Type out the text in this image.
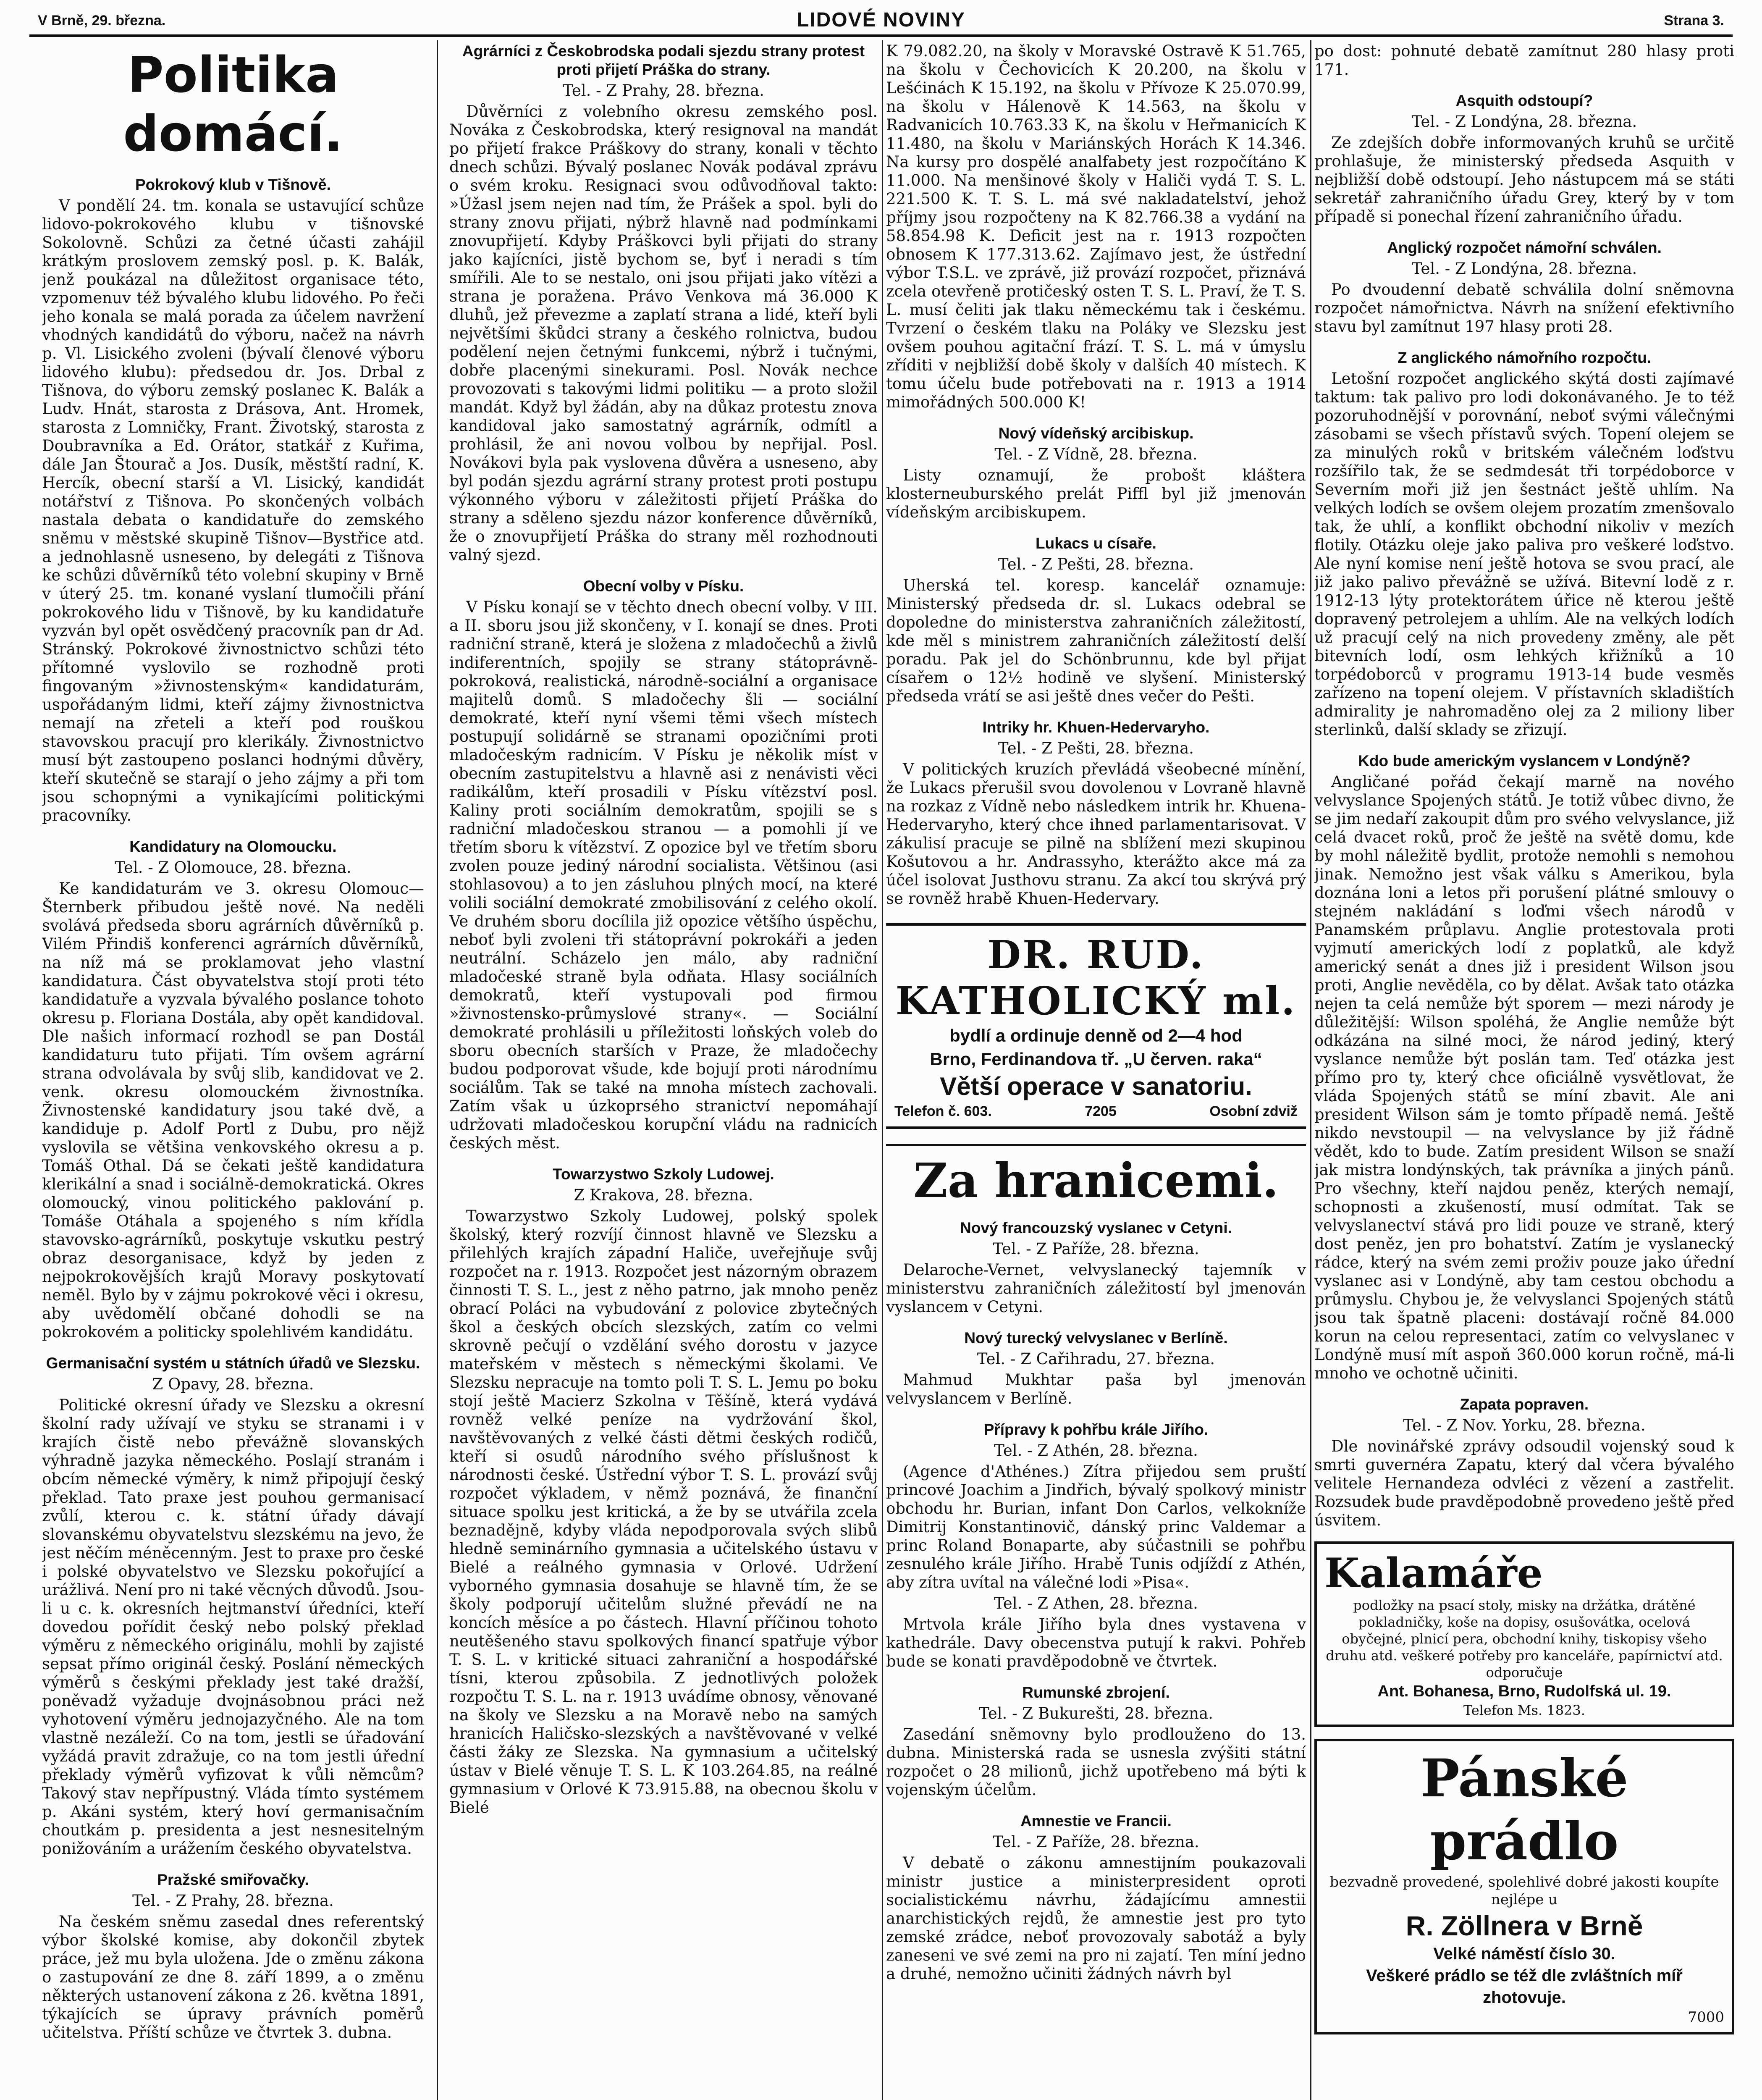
V Brně, 29. března.	LIDOVÉ NOVINY	Strana 3.
Politika domácí.
Pokrokový klub v Tišnově.

V pondělí 24. tm. konala se ustavující schůze lidovo-pokrokového klubu v tišnovské Sokolovně. Schůzi za četné účasti zahájil krátkým proslovem zemský posl. p. K. Balák, jenž poukázal na důležitost organisace této, vzpomenuv též bývalého klubu lidového. Po řeči jeho konala se malá porada za účelem navržení vhodných kandidátů do výboru, načež na návrh p. Vl. Lisického zvoleni (bývalí členové výboru lidového klubu): předsedou dr. Jos. Drbal z Tišnova, do výboru zemský poslanec K. Balák a Ludv. Hnát, starosta z Drásova, Ant. Hromek, starosta z Lomničky, Frant. Životský, starosta z Doubravníka a Ed. Orátor, statkář z Kuřima, dále Jan Štourač a Jos. Dusík, městští radní, K. Hercík, obecní starší a Vl. Lisický, kandidát notářství z Tišnova. Po skončených volbách nastala debata o kandidatuře do zemského sněmu v městské skupině Tišnov—Bystřice atd. a jednohlasně usneseno, by delegáti z Tišnova ke schůzi důvěrníků této volební skupiny v Brně v úterý 25. tm. konané vyslaní tlumočili přání pokrokového lidu v Tišnově, by ku kandidatuře vyzván byl opět osvědčený pracovník pan dr Ad. Stránský. Pokrokové živnostnictvo schůzi této přítomné vyslovilo se rozhodně proti fingovaným »živnostenským« kandidaturám, uspořádaným lidmi, kteří zájmy živnostnictva nemají na zřeteli a kteří pod rouškou stavovskou pracují pro klerikály. Živnostnictvo musí být zastoupeno poslanci hodnými důvěry, kteří skutečně se starají o jeho zájmy a při tom jsou schopnými a vynikajícími politickými pracovníky.

Kandidatury na Olomoucku.
Tel. - Z Olomouce, 28. března.

Ke kandidaturám ve 3. okresu Olomouc—Šternberk přibudou ještě nové. Na neděli svolává předseda sboru agrárních důvěrníků p. Vilém Přindiš konferenci agrárních důvěrníků, na níž má se proklamovat jeho vlastní kandidatura. Část obyvatelstva stojí proti této kandidatuře a vyzvala bývalého poslance tohoto okresu p. Floriana Dostála, aby opět kandidoval. Dle našich informací rozhodl se pan Dostál kandidaturu tuto přijati. Tím ovšem agrární strana odvolávala by svůj slib, kandidovat ve 2. venk. okresu olomouckém živnostníka. Živnostenské kandidatury jsou také dvě, a kandiduje p. Adolf Portl z Dubu, pro nějž vyslovila se většina venkovského okresu a p. Tomáš Othal. Dá se čekati ještě kandidatura klerikální a snad i sociálně-demokratická. Okres olomoucký, vinou politického paklování p. Tomáše Otáhala a spojeného s ním křídla stavovsko-agrárníků, poskytuje vskutku pestrý obraz desorganisace, když by jeden z nejpokrokovějších krajů Moravy poskytovatí neměl. Bylo by v zájmu pokrokové věci i okresu, aby uvědomělí občané dohodli se na pokrokovém a politicky spolehlivém kandidátu.

Germanisační systém u státních úřadů ve Slezsku.
Z Opavy, 28. března.

Politické okresní úřady ve Slezsku a okresní školní rady užívají ve styku se stranami i v krajích čistě nebo převážně slovanských výhradně jazyka německého. Poslají stranám i obcím německé výměry, k nimž připojují český překlad. Tato praxe jest pouhou germanisací zvůlí, kterou c. k. státní úřady dávají slovanskému obyvatelstvu slezskému na jevo, že jest něčím méněcenným. Jest to praxe pro české i polské obyvatelstvo ve Slezsku pokořující a urážlivá. Není pro ni také věcných důvodů. Jsou-li u c. k. okresních hejtmanství úředníci, kteří dovedou pořídit český nebo polský překlad výměru z německého originálu, mohli by zajisté sepsat přímo originál český. Poslání německých výměrů s českými překlady jest také dražší, poněvadž vyžaduje dvojnásobnou práci než vyhotovení výměru jednojazyčného. Ale na tom vlastně nezáleží. Co na tom, jestli se úřadování vyžádá pravit zdražuje, co na tom jestli úřední překlady výměrů vyfizovat k vůli němcům? Takový stav nepřípustný. Vláda tímto systémem p. Akáni systém, který hoví germanisačním choutkám p. presidenta a jest nesnesitelným ponižováním a urážením českého obyvatelstva.

Pražské smiřovačky.
Tel. - Z Prahy, 28. března.

Na českém sněmu zasedal dnes referentský výbor školské komise, aby dokončil zbytek práce, jež mu byla uložena. Jde o změnu zákona o zastupování ze dne 8. září 1899, a o změnu některých ustanovení zákona z 26. května 1891, týkajících se úpravy právních poměrů učitelstva. Příští schůze ve čtvrtek 3. dubna.

Agrárníci z Českobrodska podali sjezdu strany protest proti přijetí Práška do strany.
Tel. - Z Prahy, 28. března.

Důvěrníci z volebního okresu zemského posl. Nováka z Českobrodska, který resignoval na mandát po přijetí frakce Práškovy do strany, konali v těchto dnech schůzi. Bývalý poslanec Novák podával zprávu o svém kroku. Resignaci svou odůvodňoval takto: »Úžasl jsem nejen nad tím, že Prášek a spol. byli do strany znovu přijati, nýbrž hlavně nad podmínkami znovupřijetí. Kdyby Práškovci byli přijati do strany jako kajícníci, jistě bychom se, byť i neradi s tím smířili. Ale to se nestalo, oni jsou přijati jako vítězi a strana je poražena. Právo Venkova má 36.000 K dluhů, jež převezme a zaplatí strana a lidé, kteří byli největšími škůdci strany a českého rolnictva, budou podělení nejen četnými funkcemi, nýbrž i tučnými, dobře placenými sinekurami. Posl. Novák nechce provozovati s takovými lidmi politiku — a proto složil mandát. Když byl žádán, aby na důkaz protestu znova kandidoval jako samostatný agrárník, odmítl a prohlásil, že ani novou volbou by nepřijal. Posl. Novákovi byla pak vyslovena důvěra a usneseno, aby byl podán sjezdu agrární strany protest proti postupu výkonného výboru v záležitosti přijetí Práška do strany a sděleno sjezdu názor konference důvěrníků, že o znovupřijetí Práška do strany měl rozhodnouti valný sjezd.

Obecní volby v Písku.

V Písku konají se v těchto dnech obecní volby. V III. a II. sboru jsou již skončeny, v I. konají se dnes. Proti radniční straně, která je složena z mladočechů a živlů indiferentních, spojily se strany státoprávně-pokroková, realistická, národně-sociální a organisace majitelů domů. S mladočechy šli — sociální demokraté, kteří nyní všemi těmi všech místech postupují solidárně se stranami opozičními proti mladočeským radnicím. V Písku je několik míst v obecním zastupitelstvu a hlavně asi z nenávisti věci radikálům, kteří prosadili v Písku vítězství posl. Kaliny proti sociálním demokratům, spojili se s radniční mladočeskou stranou — a pomohli jí ve třetím sboru k vítězství. Z opozice byl ve třetím sboru zvolen pouze jediný národní socialista. Většinou (asi stohlasovou) a to jen zásluhou plných mocí, na které volili sociální demokraté zmobilisování z celého okolí. Ve druhém sboru docílila již opozice většího úspěchu, neboť byli zvoleni tři státoprávní pokrokáři a jeden neutrální. Scházelo jen málo, aby radniční mladočeské straně byla odňata. Hlasy sociálních demokratů, kteří vystupovali pod firmou »živnostensko-průmyslové strany«. — Sociální demokraté prohlásili u příležitosti loňských voleb do sboru obecních starších v Praze, že mladočechy budou podporovat všude, kde bojují proti národnímu sociálům. Tak se také na mnoha místech zachovali. Zatím však u úzkoprsého stranictví nepomáhají udržovati mladočeskou korupční vládu na radnicích českých měst.

Towarzystwo Szkoly Ludowej.
Z Krakova, 28. března.

Towarzystwo Szkoly Ludowej, polský spolek školský, který rozvíjí činnost hlavně ve Slezsku a přilehlých krajích západní Haliče, uveřejňuje svůj rozpočet na r. 1913. Rozpočet jest názorným obrazem činnosti T. S. L., jest z něho patrno, jak mnoho peněz obrací Poláci na vybudování z polovice zbytečných škol a českých obcích slezských, zatím co velmi skrovně pečují o vzdělání svého dorostu v jazyce mateřském v městech s německými školami. Ve Slezsku nepracuje na tomto poli T. S. L. Jemu po boku stojí ještě Macierz Szkolna v Těšíně, která vydává rovněž velké peníze na vydržování škol, navštěvovaných z velké části dětmi českých rodičů, kteří si osudů národního svého příslušnost k národnosti české. Ústřední výbor T. S. L. provází svůj rozpočet výkladem, v němž poznává, že finanční situace spolku jest kritická, a že by se utvářila zcela beznadějně, kdyby vláda nepodporovala svých slibů hledně seminárního gymnasia a učitelského ústavu v Bielé a reálného gymnasia v Orlové. Udržení vyborného gymnasia dosahuje se hlavně tím, že se školy podporují učitelům služné převádí ne na koncích měsíce a po částech. Hlavní příčinou tohoto neutěšeného stavu spolkových financí spatřuje výbor T. S. L. v kritické situaci zahraniční a hospodářské tísni, kterou způsobila. Z jednotlivých položek rozpočtu T. S. L. na r. 1913 uvádíme obnosy, věnované na školy ve Slezsku a na Moravě nebo na samých hranicích Haličsko-slezských a navštěvované v velké části žáky ze Slezska. Na gymnasium a učitelský ústav v Bielé věnuje T. S. L. K 103.264.85, na reálné gymnasium v Orlové K 73.915.88, na obecnou školu v Bielé

K 79.082.20, na školy v Moravské Ostravě K 51.765, na školu v Čechovicích K 20.200, na školu v Lešćinách K 15.192, na školu v Přívoze K 25.070.99, na školu v Hálenově K 14.563, na školu v Radvanicích 10.763.33 K, na školu v Heřmanicích K 11.480, na školu v Mariánských Horách K 14.346. Na kursy pro dospělé analfabety jest rozpočítáno K 11.000. Na menšinové školy v Haliči vydá T. S. L. 221.500 K. T. S. L. má své nakladatelství, jehož příjmy jsou rozpočteny na K 82.766.38 a vydání na 58.854.98 K. Deficit jest na r. 1913 rozpočten obnosem K 177.313.62. Zajímavo jest, že ústřední výbor T.S.L. ve zprávě, již provází rozpočet, přiznává zcela otevřeně protičeský osten T. S. L. Praví, že T. S. L. musí čeliti jak tlaku německému tak i českému. Tvrzení o českém tlaku na Poláky ve Slezsku jest ovšem pouhou agitační frází. T. S. L. má v úmyslu zříditi v nejbližší době školy v dalších 40 místech. K tomu účelu bude potřebovati na r. 1913 a 1914 mimořádných 500.000 K!

Nový vídeňský arcibiskup.
Tel. - Z Vídně, 28. března.

Listy oznamují, že probošt kláštera klosterneuburského prelát Piffl byl již jmenován vídeňským arcibiskupem.

Lukacs u císaře.
Tel. - Z Pešti, 28. března.

Uherská tel. koresp. kancelář oznamuje: Ministerský předseda dr. sl. Lukacs odebral se dopoledne do ministerstva zahraničních záležitostí, kde měl s ministrem zahraničních záležitostí delší poradu. Pak jel do Schönbrunnu, kde byl přijat císařem o 12½ hodině ve slyšení. Ministerský předseda vrátí se asi ještě dnes večer do Pešti.

Intriky hr. Khuen-Hedervaryho.
Tel. - Z Pešti, 28. března.

V politických kruzích převládá všeobecné mínění, že Lukacs přerušil svou dovolenou v Lovraně hlavně na rozkaz z Vídně nebo následkem intrik hr. Khuena-Hedervaryho, který chce ihned parlamentarisovat. V zákulisí pracuje se pilně na sblížení mezi skupinou Košutovou a hr. Andrassyho, kterážto akce má za účel isolovat Justhovu stranu. Za akcí tou skrývá prý se rovněž hrabě Khuen-Hedervary.

DR. RUD. KATHOLICKÝ ml.
bydlí a ordinuje denně od 2—4 hod
Brno, Ferdinandova tř. „U červen. raka“
Větší operace v sanatoriu.
Telefon č. 603.	7205	Osobní zdviž
Za hranicemi.
Nový francouzský vyslanec v Cetyni.
Tel. - Z Paříže, 28. března.

Delaroche-Vernet, velvyslanecký tajemník v ministerstvu zahraničních záležitostí byl jmenován vyslancem v Cetyni.

Nový turecký velvyslanec v Berlíně.
Tel. - Z Cařihradu, 27. března.

Mahmud Mukhtar paša byl jmenován velvyslancem v Berlíně.

Přípravy k pohřbu krále Jiřího.
Tel. - Z Athén, 28. března.

(Agence d'Athénes.) Zítra přijedou sem pruští princové Joachim a Jindřich, bývalý spolkový ministr obchodu hr. Burian, infant Don Carlos, velkokníže Dimitrij Konstantinovič, dánský princ Valdemar a princ Roland Bonaparte, aby súčastnili se pohřbu zesnulého krále Jiřího. Hrabě Tunis odjíždí z Athén, aby zítra uvítal na válečné lodi »Pisa«.

Tel. - Z Athen, 28. března.

Mrtvola krále Jiřího byla dnes vystavena v kathedrále. Davy obecenstva putují k rakvi. Pohřeb bude se konati pravděpodobně ve čtvrtek.

Rumunské zbrojení.
Tel. - Z Bukurešti, 28. března.

Zasedání sněmovny bylo prodlouženo do 13. dubna. Ministerská rada se usnesla zvýšiti státní rozpočet o 28 milionů, jichž upotřebeno má býti k vojenským účelům.

Amnestie ve Francii.
Tel. - Z Paříže, 28. března.

V debatě o zákonu amnestijním poukazovali ministr justice a ministerpresident oproti socialistickému návrhu, žádajícímu amnestii anarchistických rejdů, že amnestie jest pro tyto zemské zrádce, neboť provozovaly sabotáž a byly zaneseni ve své zemi na pro ni zajatí. Ten míní jedno a druhé, nemožno učiniti žádných návrh byl

po dost: pohnuté debatě zamítnut 280 hlasy proti 171.

Asquith odstoupí?
Tel. - Z Londýna, 28. března.

Ze zdejších dobře informovaných kruhů se určitě prohlašuje, že ministerský předseda Asquith v nejbližší době odstoupí. Jeho nástupcem má se státi sekretář zahraničního úřadu Grey, který by v tom případě si ponechal řízení zahraničního úřadu.

Anglický rozpočet námořní schválen.
Tel. - Z Londýna, 28. března.

Po dvoudenní debatě schválila dolní sněmovna rozpočet námořnictva. Návrh na snížení efektivního stavu byl zamítnut 197 hlasy proti 28.

Z anglického námořního rozpočtu.

Letošní rozpočet anglického skýtá dosti zajímavé taktum: tak palivo pro lodi dokonávaného. Je to též pozoruhodnější v porovnání, neboť svými válečnými zásobami se všech přístavů svých. Topení olejem se za minulých roků v britském válečném loďstvu rozšířilo tak, že se sedmdesát tři torpédoborce v Severním moři již jen šestnáct ještě uhlím. Na velkých lodích se ovšem olejem prozatím zmenšovalo tak, že uhlí, a konflikt obchodní nikoliv v mezích flotily. Otázku oleje jako paliva pro veškeré loďstvo. Ale nyní komise není ještě hotova se svou prací, ale již jako palivo převážně se užívá. Bitevní lodě z r. 1912-13 lýty protektorátem úřice ně kterou ještě dopravený petrolejem a uhlím. Ale na velkých lodích už pracují celý na nich provedeny změny, ale pět bitevních lodí, osm lehkých křižníků a 10 torpédoborců v programu 1913-14 bude vesměs zařízeno na topení olejem. V přístavních skladištích admirality je nahromaděno olej za 2 miliony liber sterlinků, další sklady se zřizují.

Kdo bude americkým vyslancem v Londýně?

Angličané pořád čekají marně na nového velvyslance Spojených států. Je totiž vůbec divno, že se jim nedaří zakoupit dům pro svého velvyslance, již celá dvacet roků, proč že ještě na světě domu, kde by mohl náležitě bydlit, protože nemohli s nemohou jinak. Nemožno jest však válku s Amerikou, byla doznána loni a letos při porušení plátné smlouvy o stejném nakládání s loďmi všech národů v Panamském průplavu. Anglie protestovala proti vyjmutí amerických lodí z poplatků, ale když americký senát a dnes již i president Wilson jsou proti, Anglie nevěděla, co by dělat. Avšak tato otázka nejen ta celá nemůže být sporem — mezi národy je důležitější: Wilson spoléhá, že Anglie nemůže být odkázána na silné moci, že národ jediný, který vyslance nemůže být poslán tam. Teď otázka jest přímo pro ty, který chce oficiálně vysvětlovat, že vláda Spojených států se míní zbavit. Ale ani president Wilson sám je tomto případě nemá. Ještě nikdo nevstoupil — na velvyslance by již řádně vědět, kdo to bude. Zatím president Wilson se snaží jak mistra londýnských, tak právníka a jiných pánů. Pro všechny, kteří najdou peněz, kterých nemají, schopnosti a zkušeností, musí odmítat. Tak se velvyslanectví stává pro lidi pouze ve straně, který dost peněz, jen pro bohatství. Zatím je vyslanecký rádce, který na svém zemi proživ pouze jako úřední vyslanec asi v Londýně, aby tam cestou obchodu a průmyslu. Chybou je, že velvyslanci Spojených států jsou tak špatně placeni: dostávají ročně 84.000 korun na celou representaci, zatím co velvyslanec v Londýně musí mít aspoň 360.000 korun ročně, má-li mnoho ve ochotně učiniti.

Zapata popraven.
Tel. - Z Nov. Yorku, 28. března.

Dle novinářské zprávy odsoudil vojenský soud k smrti guvernéra Zapatu, který dal včera bývalého velitele Hernandeza odvléci z vězení a zastřelit. Rozsudek bude pravděpodobně provedeno ještě před úsvitem.

Kalamáře
podložky na psací stoly, misky na držátka, drátěné pokladničky, koše na dopisy, osušovátka, ocelová obyčejné, plnicí pera, obchodní knihy, tiskopisy všeho druhu atd. veškeré potřeby pro kanceláře, papírnictví atd. odporučuje
Ant. Bohanesa, Brno, Rudolfská ul. 19.
Telefon Ms. 1823.
Pánské prádlo
bezvadně provedené, spolehlivé dobré jakosti koupíte nejlépe u
R. Zöllnera v Brně
Velké náměstí číslo 30.
Veškeré prádlo se též dle zvláštních míř zhotovuje.
7000
